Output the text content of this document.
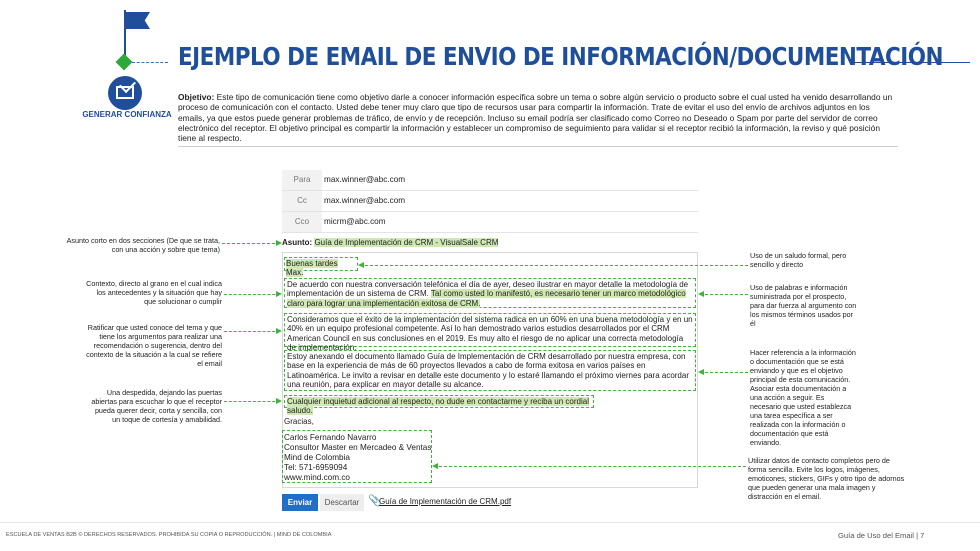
GENERAR CONFIANZA
EJEMPLO DE EMAIL DE ENVIO DE INFORMACIÓN/DOCUMENTACIÓN
Objetivo: Este tipo de comunicación tiene como objetivo darle a conocer información específica sobre un tema o sobre algún servicio o producto sobre el cual usted ha venido desarrollando un proceso de comunicación con el contacto. Usted debe tener muy claro que tipo de recursos usar para compartir la información. Trate de evitar el uso del envío de archivos adjuntos en los emails, ya que estos puede generar problemas de tráfico, de envío y de recepción. Incluso su email podría ser clasificado como Correo no Deseado o Spam por parte del servidor de correo electrónico del receptor. El objetivo principal es compartir la información y establecer un compromiso de seguimiento para validar si el receptor recibió la información, la reviso y qué posición tiene al respecto.
Para	max.winner@abc.com
Cc	max.winner@abc.com
Cco	micrm@abc.com
Asunto: Guía de Implementación de CRM - VisualSale CRM
Buenas tardes Max.
De acuerdo con nuestra conversación telefónica el día de ayer, deseo ilustrar en mayor detalle la metodología de implementación de un sistema de CRM. Tal como usted lo manifestó, es necesario tener un marco metodológico claro para lograr una implementación exitosa de CRM.
Consideramos que el éxito de la implementación del sistema radica en un 60% en una buena metodología y en un 40% en un equipo profesional competente. Así lo han demostrado varios estudios desarrollados por el CRM American Council en sus conclusiones en el 2019. Es muy alto el riesgo de no aplicar una correcta metodología de implementación.
Estoy anexando el documento llamado Guía de Implementación de CRM desarrollado por nuestra empresa, con base en la experiencia de más de 60 proyectos llevados a cabo de forma exitosa en varios países en Latinoamérica. Le invito a revisar en detalle este documento y lo estaré llamando el próximo viernes para acordar una reunión, para explicar en mayor detalle su alcance.
Cualquier inquietud adicional al respecto, no dude en contactarme y reciba un cordial saludo.
Gracias,
Carlos Fernando Navarro
Consultor Master en Mercadeo & Ventas
Mind de Colombia
Tel: 571-6959094
www.mind.com.co
Enviar	Descartar 📎
Guía de Implementación de CRM.pdf
Asunto corto en dos secciones (De que se trata, con una acción y sobre que tema)
Contexto, directo al grano en el cual indica los antecedentes y la situación que hay que solucionar o cumplir
Ratificar que usted conoce del tema y que tiene los argumentos para realizar una recomendación o sugerencia, dentro del contexto de la situación a la cual se refiere el email
Una despedida, dejando las puertas abiertas para escuchar lo que el receptor pueda querer decir, corta y sencilla, con un toque de cortesía y amabilidad.
Uso de un saludo formal, pero sencillo y directo
Uso de palabras e información suministrada por el prospecto, para dar fuerza al argumento con los mismos términos usados por él
Hacer referencia a la información o documentación que se está enviando y que es el objetivo principal de esta comunicación. Asociar esta documentación a una acción a seguir. Es necesario que usted establezca una tarea específica a ser realizada con la información o documentación que está enviando.
Utilizar datos de contacto completos pero de forma sencilla. Evite los logos, imágenes, emoticones, stickers, GIFs y otro tipo de adornos que pueden generar una mala imagen y distracción en el email.
ESCUELA DE VENTAS B2B © DERECHOS RESERVADOS. PROHIBIDA SU COPIA O REPRODUCCIÓN. | MIND DE COLOMBIA	Guía de Uso del Email | 7
